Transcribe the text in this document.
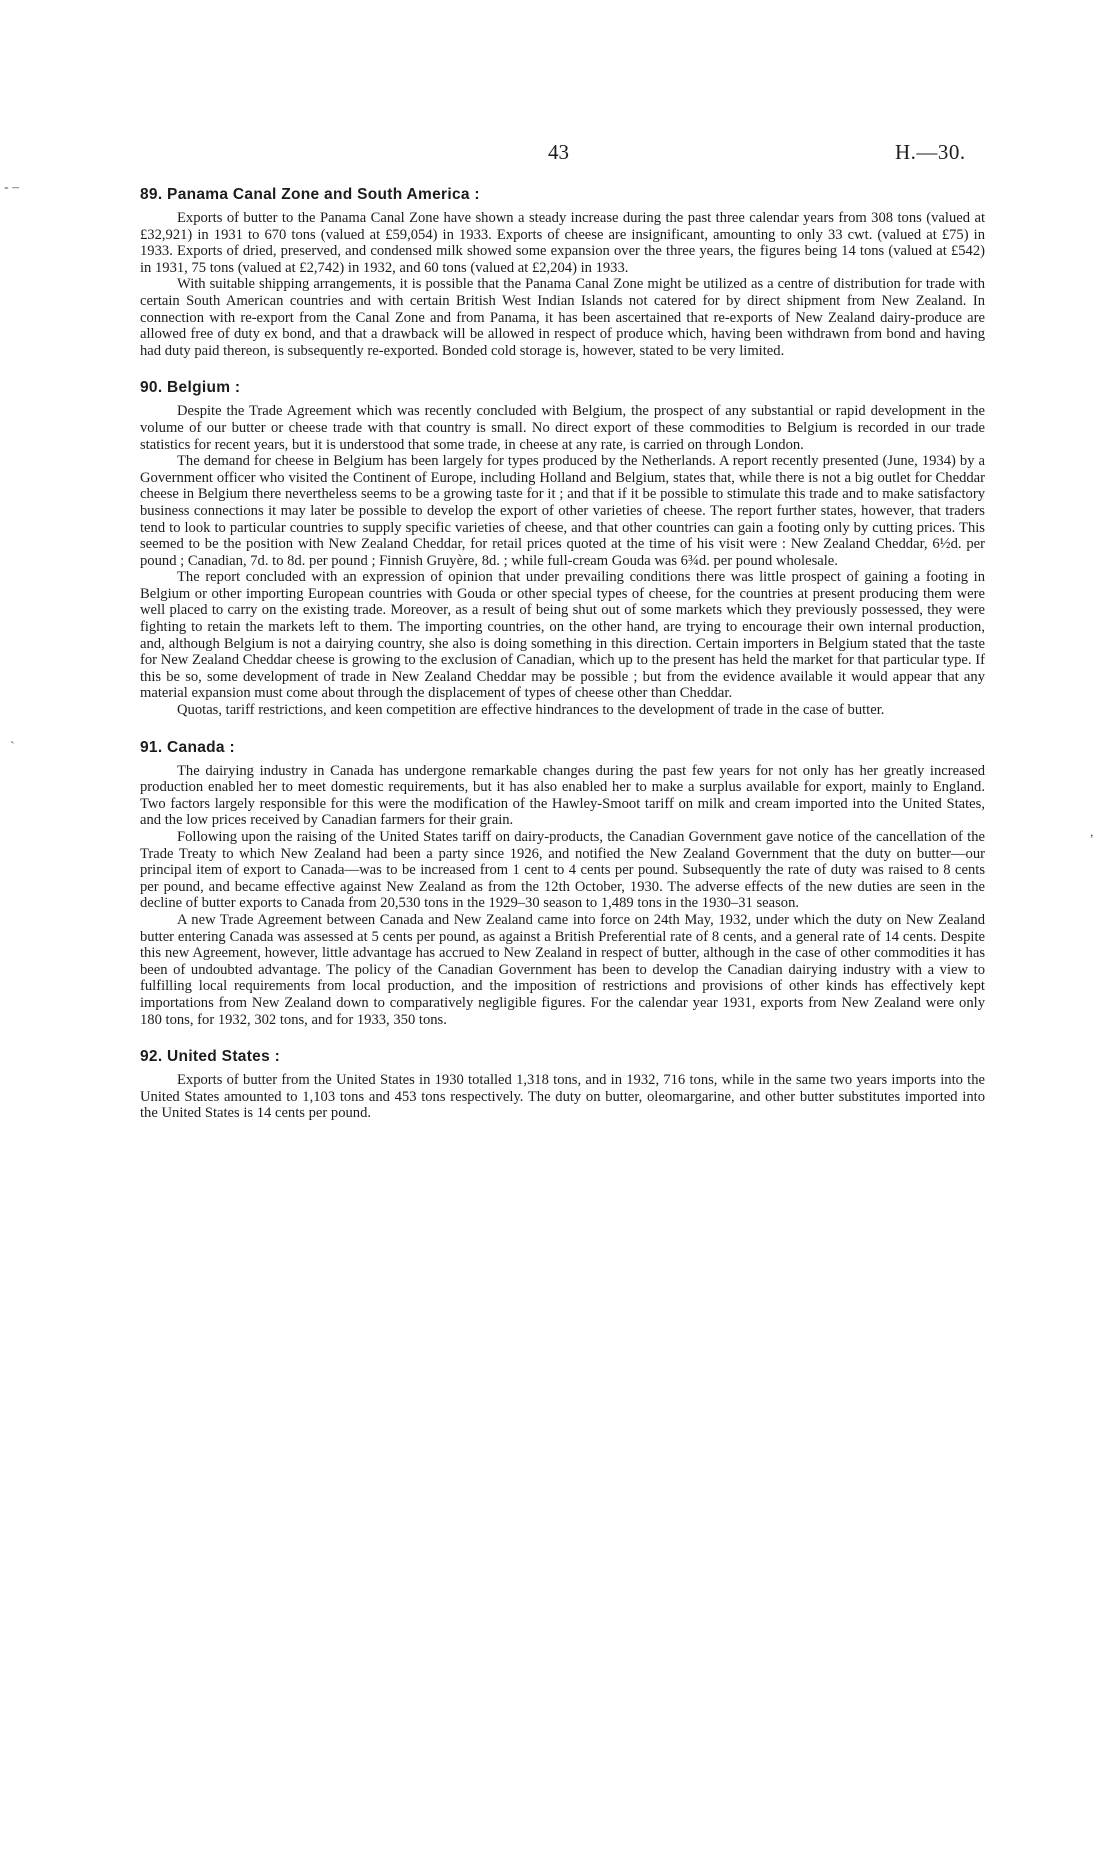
43	H.—30.
- –
`
,
89. Panama Canal Zone and South America :

Exports of butter to the Panama Canal Zone have shown a steady increase during the past three calendar years from 308 tons (valued at £32,921) in 1931 to 670 tons (valued at £59,054) in 1933. Exports of cheese are insignificant, amounting to only 33 cwt. (valued at £75) in 1933. Exports of dried, preserved, and condensed milk showed some expansion over the three years, the figures being 14 tons (valued at £542) in 1931, 75 tons (valued at £2,742) in 1932, and 60 tons (valued at £2,204) in 1933.

With suitable shipping arrangements, it is possible that the Panama Canal Zone might be utilized as a centre of distribution for trade with certain South American countries and with certain British West Indian Islands not catered for by direct shipment from New Zealand. In connection with re-export from the Canal Zone and from Panama, it has been ascertained that re-exports of New Zealand dairy-produce are allowed free of duty ex bond, and that a drawback will be allowed in respect of produce which, having been withdrawn from bond and having had duty paid thereon, is subsequently re-exported. Bonded cold storage is, however, stated to be very limited.

90. Belgium :

Despite the Trade Agreement which was recently concluded with Belgium, the prospect of any substantial or rapid development in the volume of our butter or cheese trade with that country is small. No direct export of these commodities to Belgium is recorded in our trade statistics for recent years, but it is understood that some trade, in cheese at any rate, is carried on through London.

The demand for cheese in Belgium has been largely for types produced by the Netherlands. A report recently presented (June, 1934) by a Government officer who visited the Continent of Europe, including Holland and Belgium, states that, while there is not a big outlet for Cheddar cheese in Belgium there nevertheless seems to be a growing taste for it ; and that if it be possible to stimulate this trade and to make satisfactory business connections it may later be possible to develop the export of other varieties of cheese. The report further states, however, that traders tend to look to particular countries to supply specific varieties of cheese, and that other countries can gain a footing only by cutting prices. This seemed to be the position with New Zealand Cheddar, for retail prices quoted at the time of his visit were : New Zealand Cheddar, 6½d. per pound ; Canadian, 7d. to 8d. per pound ; Finnish Gruyère, 8d. ; while full-cream Gouda was 6¾d. per pound wholesale.

The report concluded with an expression of opinion that under prevailing conditions there was little prospect of gaining a footing in Belgium or other importing European countries with Gouda or other special types of cheese, for the countries at present producing them were well placed to carry on the existing trade. Moreover, as a result of being shut out of some markets which they previously possessed, they were fighting to retain the markets left to them. The importing countries, on the other hand, are trying to encourage their own internal production, and, although Belgium is not a dairying country, she also is doing something in this direction. Certain importers in Belgium stated that the taste for New Zealand Cheddar cheese is growing to the exclusion of Canadian, which up to the present has held the market for that particular type. If this be so, some development of trade in New Zealand Cheddar may be possible ; but from the evidence available it would appear that any material expansion must come about through the displacement of types of cheese other than Cheddar.

Quotas, tariff restrictions, and keen competition are effective hindrances to the development of trade in the case of butter.

91. Canada :

The dairying industry in Canada has undergone remarkable changes during the past few years for not only has her greatly increased production enabled her to meet domestic requirements, but it has also enabled her to make a surplus available for export, mainly to England. Two factors largely responsible for this were the modification of the Hawley-Smoot tariff on milk and cream imported into the United States, and the low prices received by Canadian farmers for their grain.

Following upon the raising of the United States tariff on dairy-products, the Canadian Government gave notice of the cancellation of the Trade Treaty to which New Zealand had been a party since 1926, and notified the New Zealand Government that the duty on butter—our principal item of export to Canada—was to be increased from 1 cent to 4 cents per pound. Subsequently the rate of duty was raised to 8 cents per pound, and became effective against New Zealand as from the 12th October, 1930. The adverse effects of the new duties are seen in the decline of butter exports to Canada from 20,530 tons in the 1929–30 season to 1,489 tons in the 1930–31 season.

A new Trade Agreement between Canada and New Zealand came into force on 24th May, 1932, under which the duty on New Zealand butter entering Canada was assessed at 5 cents per pound, as against a British Preferential rate of 8 cents, and a general rate of 14 cents. Despite this new Agreement, however, little advantage has accrued to New Zealand in respect of butter, although in the case of other commodities it has been of undoubted advantage. The policy of the Canadian Government has been to develop the Canadian dairying industry with a view to fulfilling local requirements from local production, and the imposition of restrictions and provisions of other kinds has effectively kept importations from New Zealand down to comparatively negligible figures. For the calendar year 1931, exports from New Zealand were only 180 tons, for 1932, 302 tons, and for 1933, 350 tons.

92. United States :

Exports of butter from the United States in 1930 totalled 1,318 tons, and in 1932, 716 tons, while in the same two years imports into the United States amounted to 1,103 tons and 453 tons respectively. The duty on butter, oleomargarine, and other butter substitutes imported into the United States is 14 cents per pound.
